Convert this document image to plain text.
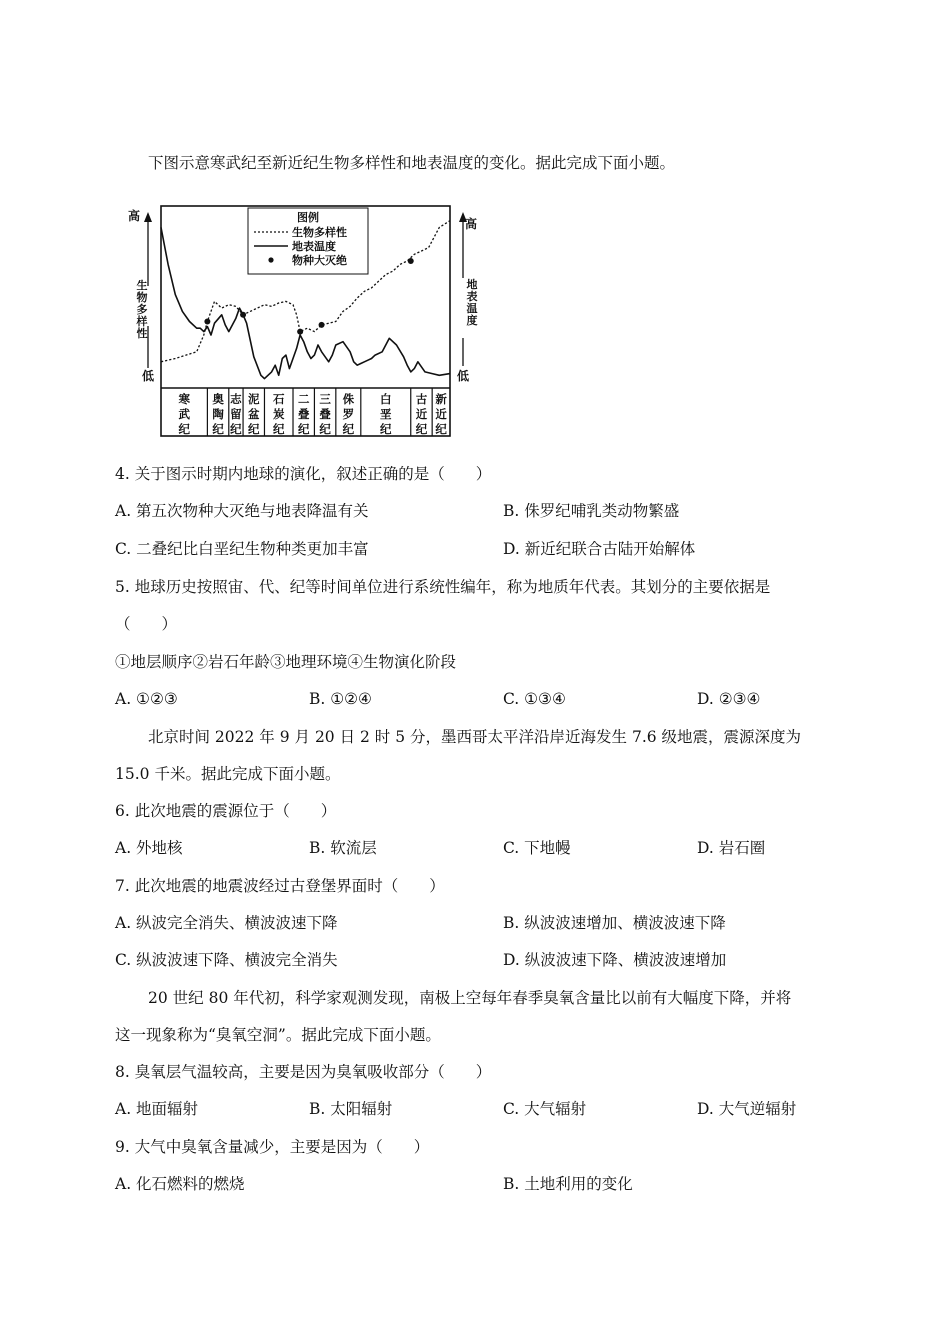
下图示意寒武纪至新近纪生物多样性和地表温度的变化。据此完成下面小题。
寒
武
纪
奥
陶
纪
志
留
纪
泥
盆
纪
石
炭
纪
二
叠
纪
三
叠
纪
侏
罗
纪
白
垩
纪
古
近
纪
新
近
纪
高
低
生
物
多
样
性
高
低
地
表
温
度
图例
生物多样性
地表温度
物种大灭绝
4. 关于图示时期内地球的演化，叙述正确的是（　　）
A. 第五次物种大灭绝与地表降温有关	B. 侏罗纪哺乳类动物繁盛
C. 二叠纪比白垩纪生物种类更加丰富	D. 新近纪联合古陆开始解体
5. 地球历史按照宙、代、纪等时间单位进行系统性编年，称为地质年代表。其划分的主要依据是
（　　）
①地层顺序②岩石年龄③地理环境④生物演化阶段
A. ①②③	B. ①②④	C. ①③④	D. ②③④
北京时间 2022 年 9 月 20 日 2 时 5 分，墨西哥太平洋沿岸近海发生 7.6 级地震，震源深度为
15.0 千米。据此完成下面小题。
6. 此次地震的震源位于（　　）
A. 外地核	B. 软流层	C. 下地幔	D. 岩石圈
7. 此次地震的地震波经过古登堡界面时（　　）
A. 纵波完全消失、横波波速下降	B. 纵波波速增加、横波波速下降
C. 纵波波速下降、横波完全消失	D. 纵波波速下降、横波波速增加
20 世纪 80 年代初，科学家观测发现，南极上空每年春季臭氧含量比以前有大幅度下降，并将
这一现象称为“臭氧空洞”。据此完成下面小题。
8. 臭氧层气温较高，主要是因为臭氧吸收部分（　　）
A. 地面辐射	B. 太阳辐射	C. 大气辐射	D. 大气逆辐射
9. 大气中臭氧含量减少，主要是因为（　　）
A. 化石燃料的燃烧	B. 土地利用的变化
